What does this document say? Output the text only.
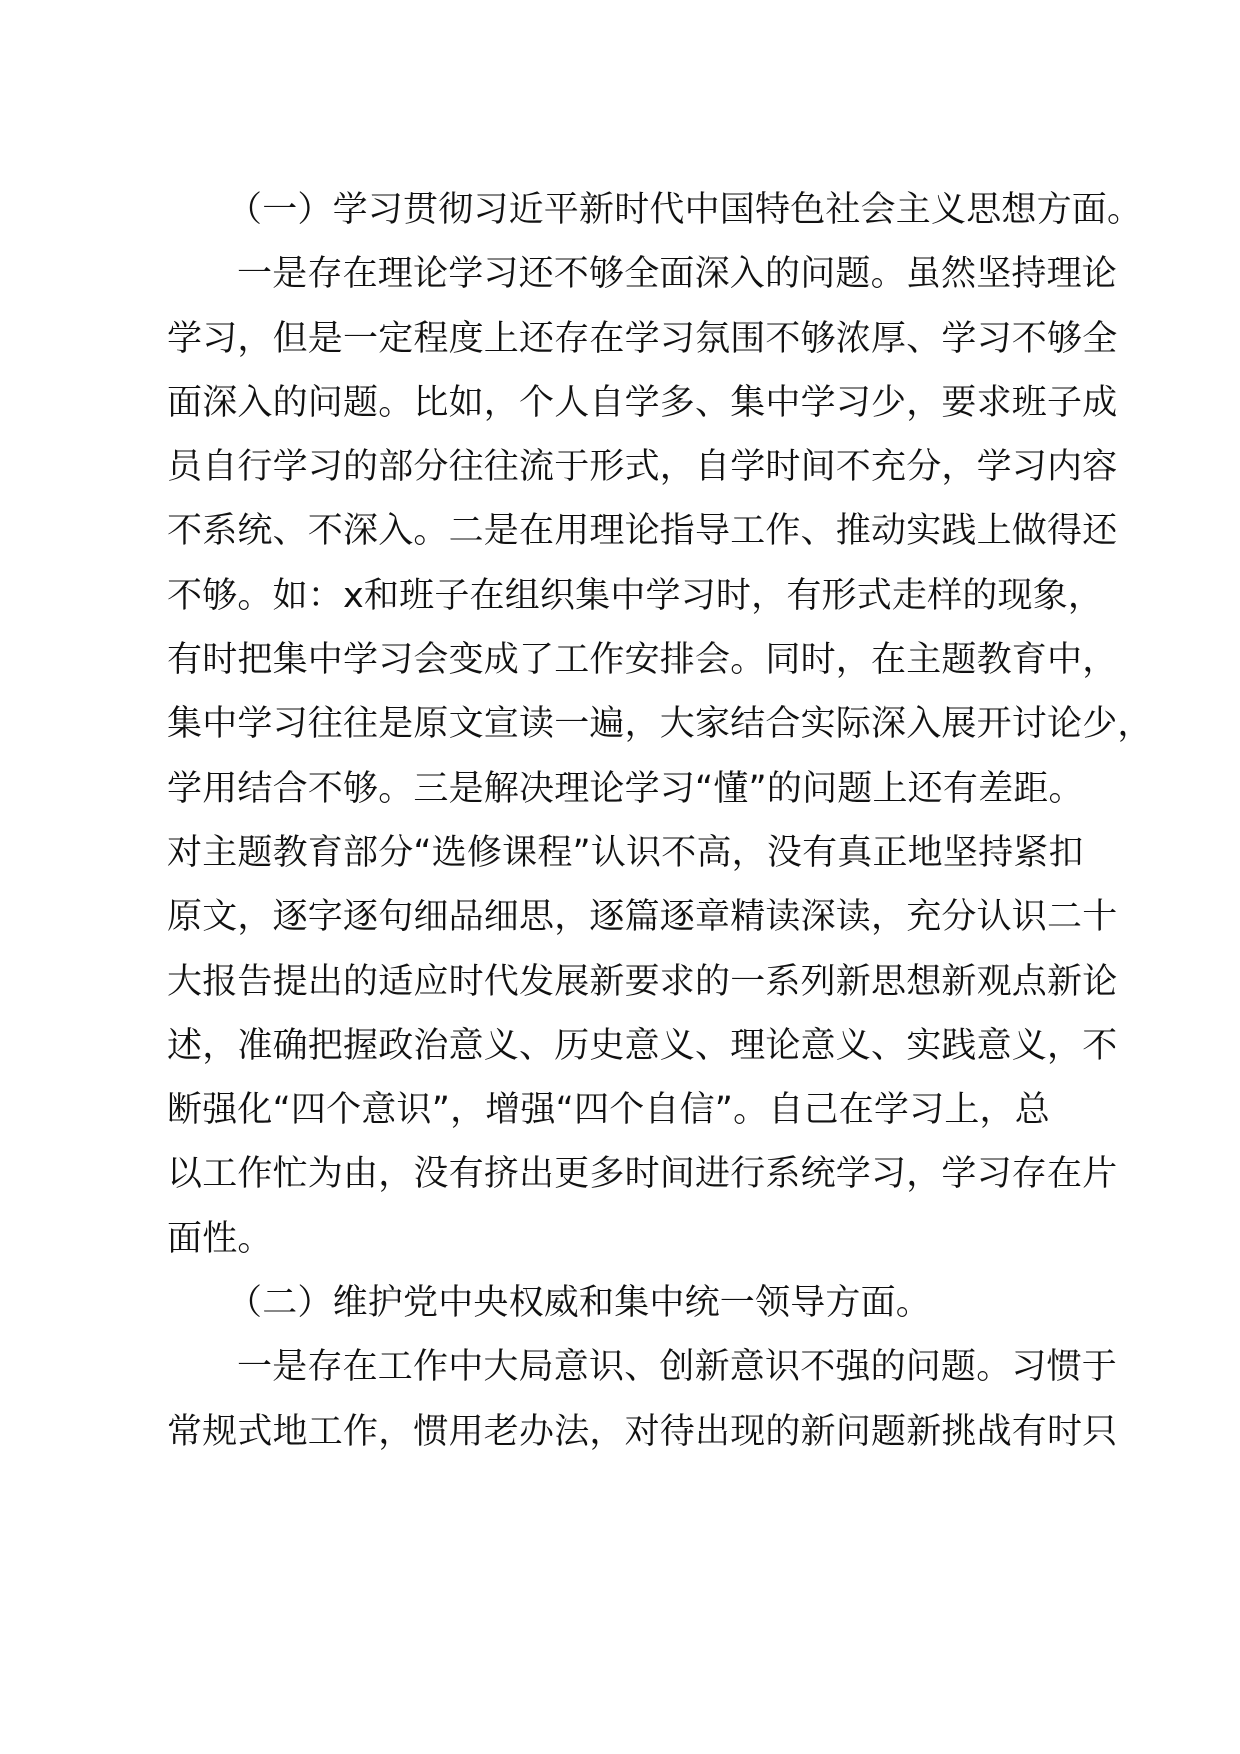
（一）学习贯彻习近平新时代中国特色社会主义思想方面。
一是存在理论学习还不够全面深入的问题。虽然坚持理论
学习，但是一定程度上还存在学习氛围不够浓厚、学习不够全
面深入的问题。比如，个人自学多、集中学习少，要求班子成
员自行学习的部分往往流于形式，自学时间不充分，学习内容
不系统、不深入。二是在用理论指导工作、推动实践上做得还
不够。如：x和班子在组织集中学习时，有形式走样的现象，
有时把集中学习会变成了工作安排会。同时，在主题教育中，
集中学习往往是原文宣读一遍，大家结合实际深入展开讨论少，
学用结合不够。三是解决理论学习“懂”的问题上还有差距。
对主题教育部分“选修课程”认识不高，没有真正地坚持紧扣
原文，逐字逐句细品细思，逐篇逐章精读深读，充分认识二十
大报告提出的适应时代发展新要求的一系列新思想新观点新论
述，准确把握政治意义、历史意义、理论意义、实践意义，不
断强化“四个意识”，增强“四个自信”。自己在学习上，总
以工作忙为由，没有挤出更多时间进行系统学习，学习存在片
面性。
（二）维护党中央权威和集中统一领导方面。
一是存在工作中大局意识、创新意识不强的问题。习惯于
常规式地工作，惯用老办法，对待出现的新问题新挑战有时只
